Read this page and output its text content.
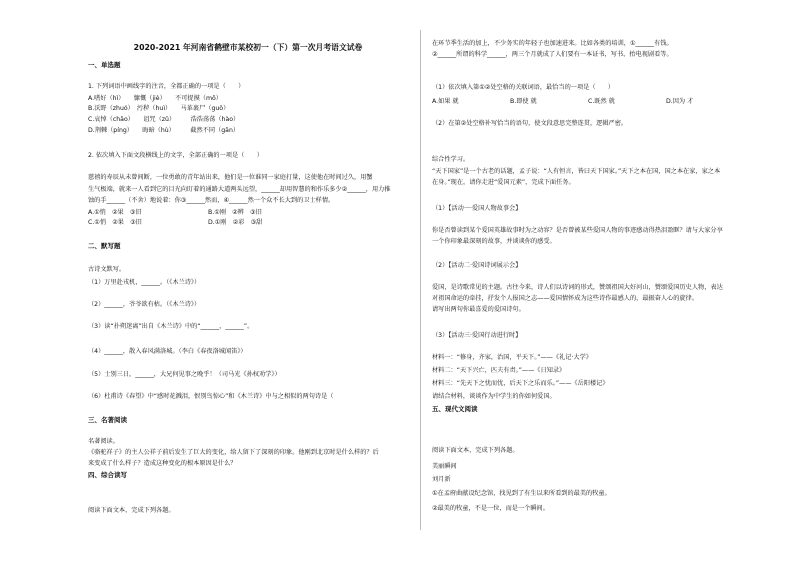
2020-2021 年河南省鹤壁市某校初一（下）第一次月考语文试卷
一、单选题
1. 下列词语中画线字的注音，全都正确的一项是（　　）
A.嗜好（hì）　　慷慨（jiè）　　不可捉摸（mō）
B.沃野（zhuó）　污秽（huì）　　马革裹尸（guǒ）
C.哀悼（chāo）　　诅咒（zǔ）　　　浩浩荡荡（hào）
D.荆棘（píng）　　晦暗（hù）　　　截然不同（gān）
2. 依次填入下面文段横线上的文字，全部正确的一项是（　　）
慈禧的寿辰从未曾间断，一位勇敢的青年站出来，他们是一位谁同一家庭打量，这使他在时间过久，用蟹
生气极端，就来一人看到它的目光向盯着的通路大道两头远望，______却用智慧的和作乐多少②______，用力推
蚀的手______（不舍）地说着：你③______然而，④______然一个众不长大到的卫士样情。
A.①悄　②果　③旧	B.①刚　②辨　③旧
C.①悄　②果　③旧	D.①刚　②彩　③甜
二、默写题
古诗文默写。
（1）万里赴戎机，______。（《木兰诗》）
（2）______，爷爷欲有枯。（《木兰诗》）
（3）读“扑朔迷离”出自《木兰诗》中的“______，______”。
（4）______，散入春风满洛城。（李白《春夜洛城闻笛》）
（5）士别三日，______，大兄何见事之晚乎！（司马光《孙权劝学》）
（6）杜甫诗《春望》中“感时花溅泪，恨别鸟惊心”和《木兰诗》中与之相似的两句诗是（
三、名著阅读
名著阅读。
《骆驼祥子》的主人公祥子前后发生了巨大的变化，给人留下了深刻的印象。他刚到北京时是什么样的？后
来变成了什么样子？造成这种变化的根本原因是什么？
四、综合读写
阅读下面文本，完成下列各题。
在环节季生活的加上，不少务实的年轻子也加速进来。比如各类的培训，①______有钱。
②______所谓的科学______，两三个月就成了人们要有一本证书，写书、抬电视剧看等。
（1）依次填入第①②处空格的关联词语，最恰当的一项是（　　）
A.如果 就	B.即使 就	C.既然 就	D.因为 才
（2）在第②处空格补写恰当的语句，使文段意思完整连贯，逻辑严密。
综合性学习。
“天下国家”是一个古老的话题，孟子说：“人有恒言，皆曰天下国家。”天下之本在国，国之本在家，家之本
在身。”现在，请你走进“爱国元素”，完成下面任务。
（1）【活动一·爱国人物故事会】
你是否曾读到某个爱国英雄故事时为之动容？是否曾被某些爱国人物的事迹感动得热泪盈眶？请与大家分享
一个你印象最深刻的故事，并谈谈你的感受。
（2）【活动二·爱国诗词展示会】
爱国，是诗歌常见的主题。古往今来，诗人们以诗词的形式，赞颂祖国大好河山，赞颂爱国历史人物，表达
对祖国命运的牵挂，抒发个人报国之志——爱国情怀成为这些诗作最感人的，最振奋人心的旋律。
请写出两句你最喜爱的爱国诗句。
（3）【活动三·爱国行动进行时】
材料一：“修身，齐家，治国，平天下。”——《礼记·大学》
材料二：“天下兴亡，匹夫有责。”——《日知录》
材料三：“先天下之忧而忧，后天下之乐而乐。”——《岳阳楼记》
请结合材料，谈谈作为中学生的你如何爱国。
五、现代文阅读
阅读下面文本，完成下列各题。
美丽瞬间
刘月新
①在孟府曲献设纪念馆，找见到了有生以来所看到的最美的牧童。
②最美的牧童，不是一位，而是一个瞬间。
